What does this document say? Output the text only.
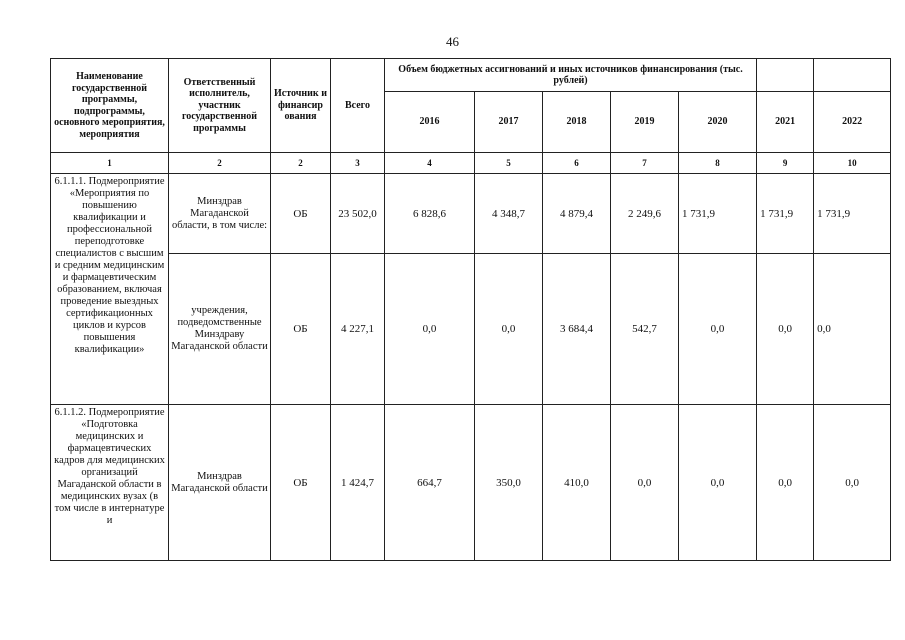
46
Наименование государственной программы, подпрограммы, основного мероприятия, мероприятия	Ответственный исполнитель, участник государственной программы	Источник и финансир ования	Всего	Объем бюджетных ассигнований и иных источников финансирования (тыс. рублей)						
				2016	2017	2018	2019	2020	2021	2022
1	2	2	3	4	5	6	7	8	9	10
6.1.1.1. Подмероприятие «Мероприятия по повышению квалификации и профессиональной переподготовке специалистов с высшим и средним медицинским и фармацевтическим образованием, включая проведение выездных сертификационных циклов и курсов повышения квалификации»	Минздрав Магаданской области, в том числе:	ОБ	23 502,0	6 828,6	4 348,7	4 879,4	2 249,6	1 731,9	1 731,9	1 731,9
	учреждения, подведомственные Минздраву Магаданской области	ОБ	4 227,1	0,0	0,0	3 684,4	542,7	0,0	0,0	0,0
6.1.1.2. Подмероприятие «Подготовка медицинских и фармацевтических кадров для медицинских организаций Магаданской области в медицинских вузах (в том числе в интернатуре и	Минздрав Магаданской области	ОБ	1 424,7	664,7	350,0	410,0	0,0	0,0	0,0	0,0
